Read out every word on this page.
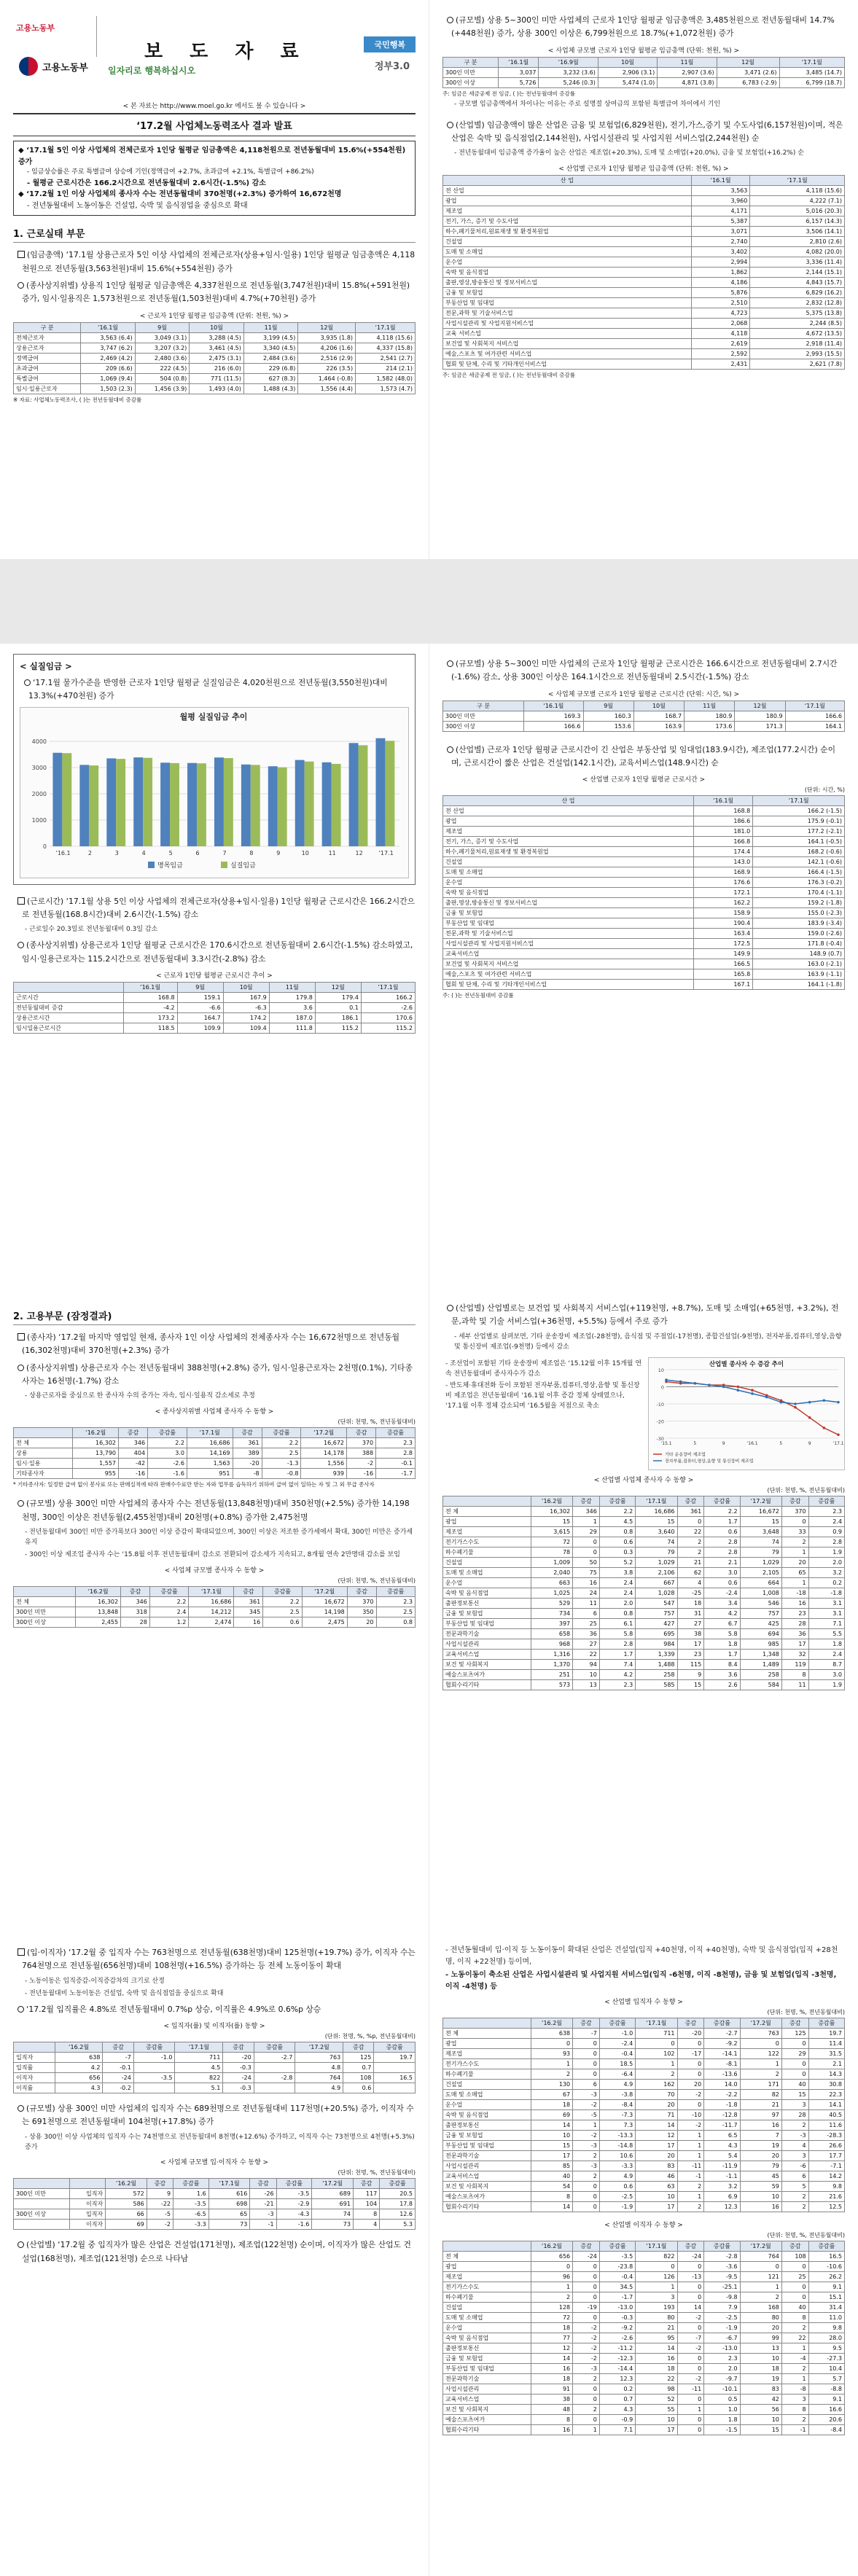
고용노동부
고용노동부
보 도 자 료	국민행복
일자리로 행복하십시오	정부3.0
< 본 자료는 http://www.moel.go.kr 에서도 볼 수 있습니다 >
‘17.2월 사업체노동력조사 결과 발표
◆ ‘17.1월 5인 이상 사업체의 전체근로자 1인당 월평균 임금총액은 4,118천원으로 전년동월대비 15.6%(+554천원) 증가
- 임금상승률은 주로 특별급여 상승에 기인(정액급여 +2.7%, 초과급여 +2.1%, 특별급여 +86.2%)
- 월평균 근로시간은 166.2시간으로 전년동월대비 2.6시간(-1.5%) 감소
◆ ‘17.2월 1인 이상 사업체의 종사자 수는 전년동월대비 370천명(+2.3%) 증가하여 16,672천명
- 전년동월대비 노동이동은 건설업, 숙박 및 음식점업을 중심으로 확대
1. 근로실태 부문
(임금총액) ‘17.1월 상용근로자 5인 이상 사업체의 전체근로자(상용+임시·일용) 1인당 월평균 임금총액은 4,118천원으로 전년동월(3,563천원)대비 15.6%(+554천원) 증가
(종사상지위별) 상용직 1인당 월평균 임금총액은 4,337천원으로 전년동월(3,747천원)대비 15.8%(+591천원) 증가, 임시·일용직은 1,573천원으로 전년동월(1,503천원)대비 4.7%(+70천원) 증가
< 근로자 1인당 월평균 임금총액 (단위: 천원, %) >
구 분	‘16.1월	9월	10월	11월	12월	‘17.1월
전체근로자	3,563 (6.4)	3,049 (3.1)	3,288 (4.5)	3,199 (4.5)	3,935 (1.8)	4,118 (15.6)
상용근로자	3,747 (6.2)	3,207 (3.2)	3,461 (4.5)	3,340 (4.5)	4,206 (1.6)	4,337 (15.8)
정액급여	2,469 (4.2)	2,480 (3.6)	2,475 (3.1)	2,484 (3.6)	2,516 (2.9)	2,541 (2.7)
초과급여	209 (6.6)	222 (4.5)	216 (6.0)	229 (6.8)	226 (3.5)	214 (2.1)
특별급여	1,069 (9.4)	504 (0.8)	771 (11.5)	627 (8.3)	1,464 (-0.8)	1,582 (48.0)
임시·일용근로자	1,503 (2.3)	1,456 (3.9)	1,493 (4.0)	1,488 (4.3)	1,556 (4.4)	1,573 (4.7)
※ 자료: 사업체노동력조사, ( )는 전년동월대비 증감률
(규모별) 상용 5~300인 미만 사업체의 근로자 1인당 월평균 임금총액은 3,485천원으로 전년동월대비 14.7%(+448천원) 증가, 상용 300인 이상은 6,799천원으로 18.7%(+1,072천원) 증가
< 사업체 규모별 근로자 1인당 월평균 임금총액 (단위: 천원, %) >
구 분	‘16.1월	‘16.9월	10월	11월	12월	‘17.1월
300인 미만	3,037	3,232 (3.6)	2,906 (3.1)	2,907 (3.6)	3,471 (2.6)	3,485 (14.7)
300인 이상	5,726	5,246 (0.3)	5,474 (1.0)	4,871 (3.8)	6,783 (-2.9)	6,799 (18.7)
주: 임금은 세금공제 전 임금, ( )는 전년동월대비 증감률
- 규모별 임금총액에서 차이나는 이유는 주로 설명절 상여금의 포함된 특별급여 차이에서 기인
(산업별) 임금총액이 많은 산업은 금융 및 보험업(6,829천원), 전기,가스,증기 및 수도사업(6,157천원)이며, 적은 산업은 숙박 및 음식점업(2,144천원), 사업시설관리 및 사업지원 서비스업(2,244천원) 순
- 전년동월대비 임금총액 증가율이 높은 산업은 제조업(+20.3%), 도매 및 소매업(+20.0%), 금융 및 보험업(+16.2%) 순
< 산업별 근로자 1인당 월평균 임금총액 (단위: 천원, %) >
산 업	‘16.1월	‘17.1월
전 산업	3,563	4,118 (15.6)
광업	3,960	4,222 (7.1)
제조업	4,171	5,016 (20.3)
전기, 가스, 증기 및 수도사업	5,387	6,157 (14.3)
하수,폐기물처리,원료재생 및 환경복원업	3,071	3,506 (14.1)
건설업	2,740	2,810 (2.6)
도매 및 소매업	3,402	4,082 (20.0)
운수업	2,994	3,336 (11.4)
숙박 및 음식점업	1,862	2,144 (15.1)
출판,영상,방송통신 및 정보서비스업	4,186	4,843 (15.7)
금융 및 보험업	5,876	6,829 (16.2)
부동산업 및 임대업	2,510	2,832 (12.8)
전문,과학 및 기술서비스업	4,723	5,375 (13.8)
사업시설관리 및 사업지원서비스업	2,068	2,244 (8.5)
교육 서비스업	4,118	4,672 (13.5)
보건업 및 사회복지 서비스업	2,619	2,918 (11.4)
예술,스포츠 및 여가관련 서비스업	2,592	2,993 (15.5)
협회 및 단체, 수리 및 기타개인서비스업	2,431	2,621 (7.8)
주: 임금은 세금공제 전 임금, ( )는 전년동월대비 증감률
< 실질임금 >
‘17.1월 물가수준을 반영한 근로자 1인당 월평균 실질임금은 4,020천원으로 전년동월(3,550천원)대비 13.3%(+470천원) 증가
월평 실질임금 추이
0
1000
2000
3000
4000
‘16.1	2	3	4	5	6	7	8	9	10	11	12	‘17.1
명목임금	실질임금
(근로시간) ‘17.1월 상용 5인 이상 사업체의 전체근로자(상용+임시·일용) 1인당 월평균 근로시간은 166.2시간으로 전년동월(168.8시간)대비 2.6시간(-1.5%) 감소
- 근로일수 20.3일로 전년동월대비 0.3일 감소
(종사상지위별) 상용근로자 1인당 월평균 근로시간은 170.6시간으로 전년동월대비 2.6시간(-1.5%) 감소하였고, 임시·일용근로자는 115.2시간으로 전년동월대비 3.3시간(-2.8%) 감소
< 근로자 1인당 월평균 근로시간 추이 >
	‘16.1월	9월	10월	11월	12월	‘17.1월
근로시간	168.8	159.1	167.9	179.8	179.4	166.2
전년동월대비 증감	-4.2	-6.6	-6.3	3.6	0.1	-2.6
상용근로시간	173.2	164.7	174.2	187.0	186.1	170.6
임시일용근로시간	118.5	109.9	109.4	111.8	115.2	115.2
(규모별) 상용 5~300인 미만 사업체의 근로자 1인당 월평균 근로시간은 166.6시간으로 전년동월대비 2.7시간(-1.6%) 감소, 상용 300인 이상은 164.1시간으로 전년동월대비 2.5시간(-1.5%) 감소
< 사업체 규모별 근로자 1인당 월평균 근로시간 (단위: 시간, %) >
구 분	‘16.1월	9월	10월	11월	12월	‘17.1월
300인 미만	169.3	160.3	168.7	180.9	180.9	166.6
300인 이상	166.6	153.6	163.9	173.6	171.3	164.1
(산업별) 근로자 1인당 월평균 근로시간이 긴 산업은 부동산업 및 임대업(183.9시간), 제조업(177.2시간) 순이며, 근로시간이 짧은 산업은 건설업(142.1시간), 교육서비스업(148.9시간) 순
< 산업별 근로자 1인당 월평균 근로시간 >
(단위: 시간, %)
산 업	‘16.1월	‘17.1월
전 산업	168.8	166.2 (-1.5)
광업	186.6	175.9 (-0.1)
제조업	181.0	177.2 (-2.1)
전기, 가스, 증기 및 수도사업	166.8	164.1 (-0.5)
하수,폐기물처리,원료재생 및 환경복원업	174.4	168.2 (-0.6)
건설업	143.0	142.1 (-0.6)
도매 및 소매업	168.9	166.4 (-1.5)
운수업	176.6	176.3 (-0.2)
숙박 및 음식점업	172.1	170.4 (-1.1)
출판,영상,방송통신 및 정보서비스업	162.2	159.2 (-1.8)
금융 및 보험업	158.9	155.0 (-2.3)
부동산업 및 임대업	190.4	183.9 (-3.4)
전문,과학 및 기술서비스업	163.4	159.0 (-2.6)
사업시설관리 및 사업지원서비스업	172.5	171.8 (-0.4)
교육서비스업	149.9	148.9 (0.7)
보건업 및 사회복지 서비스업	166.5	163.0 (-2.1)
예술,스포츠 및 여가관련 서비스업	165.8	163.9 (-1.1)
협회 및 단체, 수리 및 기타개인서비스업	167.1	164.1 (-1.8)
주: ( )는 전년동월대비 증감률
2. 고용부문 (잠정결과)
(종사자) ‘17.2월 마지막 영업일 현재, 종사자 1인 이상 사업체의 전체종사자 수는 16,672천명으로 전년동월(16,302천명)대비 370천명(+2.3%) 증가
(종사상지위별) 상용근로자 수는 전년동월대비 388천명(+2.8%) 증가, 임시·일용근로자는 2천명(0.1%), 기타종사자는 16천명(-1.7%) 감소
- 상용근로자를 중심으로 한 종사자 수의 증가는 자속, 임시·일용직 감소세로 추정
< 종사상지위별 사업체 종사자 수 동향 >
(단위: 천명, %, 전년동월대비)
	‘16.2월	증감	증감률	‘17.1월	증감	증감률	‘17.2월	증감	증감률
전 체	16,302	346	2.2	16,686	361	2.2	16,672	370	2.3
상용	13,790	404	3.0	14,169	389	2.5	14,178	388	2.8
임시·일용	1,557	-42	-2.6	1,563	-20	-1.3	1,556	-2	-0.1
기타종사자	955	-16	-1.6	951	-8	-0.8	939	-16	-1.7
* 기타종사자: 일정한 급여 없이 봉사료 또는 판매실적에 따라 판매수수료만 받는 자와 업무를 습득하기 위하여 급여 없이 일하는 자 및 그 외 무급 종사자
(규모별) 상용 300인 미만 사업체의 종사자 수는 전년동월(13,848천명)대비 350천명(+2.5%) 증가한 14,198천명, 300인 이상은 전년동월(2,455천명)대비 20천명(+0.8%) 증가한 2,475천명
- 전년동월대비 300인 미만 증가폭보다 300인 이상 증감이 확대되었으며, 300인 이상은 저조한 증가세에서 확대, 300인 미만은 증가세 유지
- 300인 이상 제조업 종사자 수는 ‘15.8월 이후 전년동월대비 감소로 전환되어 감소세가 지속되고, 8개월 연속 2만명대 감소를 보임
< 사업체 규모별 종사자 수 동향 >
(단위: 천명, %, 전년동월대비)
	‘16.2월	증감	증감률	‘17.1월	증감	증감률	‘17.2월	증감	증감률
전 체	16,302	346	2.2	16,686	361	2.2	16,672	370	2.3
300인 미만	13,848	318	2.4	14,212	345	2.5	14,198	350	2.5
300인 이상	2,455	28	1.2	2,474	16	0.6	2,475	20	0.8
(산업별) 산업별로는 보건업 및 사회복지 서비스업(+119천명, +8.7%), 도매 및 소매업(+65천명, +3.2%), 전문,과학 및 기술 서비스업(+36천명, +5.5%) 등에서 주로 증가
- 세부 산업별로 살펴보면, 기타 운송장비 제조업(-28천명), 음식점 및 주점업(-17천명), 종합건설업(-9천명), 전자부품,컴퓨터,영상,음향 및 통신장비 제조업(-9천명) 등에서 감소
- 조선업이 포함된 기타 운송장비 제조업은 ‘15.12월 이후 15개월 연속 전년동월대비 종사자수가 감소
- 반도체·휴대전화 등이 포함된 전자부품,컴퓨터,영상,음향 및 통신장비 제조업은 전년동월대비 ‘16.1월 이후 증감 정체 상태였으나, ‘17.1월 이후 정체 감소되며 ‘16.5월을 저점으로 축소
산업별 종사자 수 증감 추이
-30
-20
-10
0
10
‘15.1	5	9	‘16.1	5	9	‘17.1
기타 운송장비 제조업
전자부품,컴퓨터,영상,음향 및 통신장비 제조업
< 산업별 사업체 종사자 수 동향 >
(단위: 천명, %, 전년동월대비)
	‘16.2월	증감	증감률	‘17.1월	증감	증감률	‘17.2월	증감	증감률
전 체	16,302	346	2.2	16,686	361	2.2	16,672	370	2.3
광업	15	1	4.5	15	0	1.7	15	0	2.4
제조업	3,615	29	0.8	3,640	22	0.6	3,648	33	0.9
전기가스수도	72	0	0.6	74	2	2.8	74	2	2.8
하수폐기물	78	0	0.3	79	2	2.8	79	1	1.9
건설업	1,009	50	5.2	1,029	21	2.1	1,029	20	2.0
도매 및 소매업	2,040	75	3.8	2,106	62	3.0	2,105	65	3.2
운수업	663	16	2.4	667	4	0.6	664	1	0.2
숙박 및 음식점업	1,025	24	2.4	1,028	-25	-2.4	1,008	-18	-1.8
출판정보통신	529	11	2.0	547	18	3.4	546	16	3.1
금융 및 보험업	734	6	0.8	757	31	4.2	757	23	3.1
부동산업 및 임대업	397	25	6.1	427	27	6.7	425	28	7.1
전문과학기술	658	36	5.8	695	38	5.8	694	36	5.5
사업시설관리	968	27	2.8	984	17	1.8	985	17	1.8
교육서비스업	1,316	22	1.7	1,339	23	1.7	1,348	32	2.4
보건 및 사회복지	1,370	94	7.4	1,488	115	8.4	1,489	119	8.7
예술스포츠여가	251	10	4.2	258	9	3.6	258	8	3.0
협회수리기타	573	13	2.3	585	15	2.6	584	11	1.9
(입·이직자) ‘17.2월 중 입직자 수는 763천명으로 전년동월(638천명)대비 125천명(+19.7%) 증가, 이직자 수는 764천명으로 전년동월(656천명)대비 108천명(+16.5%) 증가하는 등 전체 노동이동이 확대
- 노동이동은 입직증감-이직증감차의 크기로 산정
- 전년동월대비 노동이동은 건설업, 숙박 및 음식점업을 중심으로 확대
‘17.2월 입직률은 4.8%로 전년동월대비 0.7%p 상승, 이직률은 4.9%로 0.6%p 상승
< 입직자(률) 및 이직자(률) 동향 >
(단위: 천명, %, %p, 전년동월대비)
	‘16.2월	증감	증감률	‘17.1월	증감	증감률	‘17.2월	증감	증감률
입직자	638	-7	-1.0	711	-20	-2.7	763	125	19.7
입직률	4.2	-0.1		4.5	-0.3		4.8	0.7	
이직자	656	-24	-3.5	822	-24	-2.8	764	108	16.5
이직률	4.3	-0.2		5.1	-0.3		4.9	0.6	
(규모별) 상용 300인 미만 사업체의 입직자 수는 689천명으로 전년동월대비 117천명(+20.5%) 증가, 이직자 수는 691천명으로 전년동월대비 104천명(+17.8%) 증가
- 상용 300인 이상 사업체의 입직자 수는 74천명으로 전년동월대비 8천명(+12.6%) 증가하고, 이직자 수는 73천명으로 4천명(+5.3%) 증가
< 사업체 규모별 입·이직자 수 동향 >
(단위: 천명, %, 전년동월대비)
		‘16.2월	증감	증감률	‘17.1월	증감	증감률	‘17.2월	증감	증감률
300인 미만	입직자	572	9	1.6	616	-26	-3.5	689	117	20.5
	이직자	586	-22	-3.5	698	-21	-2.9	691	104	17.8
300인 이상	입직자	66	-5	-6.5	65	-3	-4.3	74	8	12.6
	이직자	69	-2	-3.3	73	-1	-1.6	73	4	5.3
(산업별) ‘17.2월 중 입직자가 많은 산업은 건설업(171천명), 제조업(122천명) 순이며, 이직자가 많은 산업도 건설업(168천명), 제조업(121천명) 순으로 나타남
- 전년동월대비 입·이직 등 노동이동이 확대된 산업은 건설업(입직 +40천명, 이직 +40천명), 숙박 및 음식점업(입직 +28천명, 이직 +22천명) 등이며,
- 노동이동이 축소된 산업은 사업시설관리 및 사업지원 서비스업(입직 -6천명, 이직 -8천명), 금융 및 보험업(입직 -3천명, 이직 -4천명) 등
< 산업별 입직자 수 동향 >
(단위: 천명, %, 전년동월대비)
	‘16.2월	증감	증감률	‘17.1월	증감	증감률	‘17.2월	증감	증감률
전 체	638	-7	-1.0	711	-20	-2.7	763	125	19.7
광업	0	0	-2.4	0	0	-9.2	0	0	11.4
제조업	93	0	-0.4	102	-17	-14.1	122	29	31.5
전기가스수도	1	0	18.5	1	0	-8.1	1	0	2.1
하수폐기물	2	0	-6.4	2	0	-13.6	2	0	14.3
건설업	130	6	4.9	162	20	14.0	171	40	30.8
도매 및 소매업	67	-3	-3.8	70	-2	-2.2	82	15	22.3
운수업	18	-2	-8.4	20	0	-1.8	21	3	14.1
숙박 및 음식점업	69	-5	-7.3	71	-10	-12.8	97	28	40.5
출판정보통신	14	1	7.3	14	-2	-11.7	16	2	11.6
금융 및 보험업	10	-2	-13.3	12	1	6.5	7	-3	-28.3
부동산업 및 임대업	15	-3	-14.8	17	1	4.3	19	4	26.6
전문과학기술	17	2	10.6	20	1	5.4	20	3	17.7
사업시설관리	85	-3	-3.3	83	-11	-11.9	79	-6	-7.1
교육서비스업	40	2	4.9	46	-1	-1.1	45	6	14.2
보건 및 사회복지	54	0	0.6	63	2	3.2	59	5	9.8
예술스포츠여가	8	0	-2.5	10	1	6.9	10	2	21.6
협회수리기타	14	0	-1.9	17	2	12.3	16	2	12.5
< 산업별 이직자 수 동향 >
(단위: 천명, %, 전년동월대비)
	‘16.2월	증감	증감률	‘17.1월	증감	증감률	‘17.2월	증감	증감률
전 체	656	-24	-3.5	822	-24	-2.8	764	108	16.5
광업	0	0	-23.8	0	0	-3.6	0	0	-10.6
제조업	96	0	-0.4	126	-13	-9.5	121	25	26.2
전기가스수도	1	0	34.5	1	0	-25.1	1	0	9.1
하수폐기물	2	0	-1.7	3	0	-9.8	2	0	15.1
건설업	128	-19	-13.0	193	14	7.9	168	40	31.4
도매 및 소매업	72	0	-0.3	80	-2	-2.5	80	8	11.0
운수업	18	-2	-9.2	21	0	-1.9	20	2	9.8
숙박 및 음식점업	77	-2	-2.6	95	-7	-6.7	99	22	28.0
출판정보통신	12	-2	-11.2	14	-2	-13.0	13	1	9.5
금융 및 보험업	14	-2	-12.3	16	0	2.3	10	-4	-27.3
부동산업 및 임대업	16	-3	-14.4	18	0	2.0	18	2	10.4
전문과학기술	18	2	12.3	22	-2	-9.7	19	1	5.7
사업시설관리	91	0	0.2	98	-11	-10.1	83	-8	-8.8
교육서비스업	38	0	0.7	52	0	0.5	42	3	9.1
보건 및 사회복지	48	2	4.3	55	1	1.0	56	8	16.6
예술스포츠여가	8	0	-0.9	10	0	1.8	10	2	20.6
협회수리기타	16	1	7.1	17	0	-1.5	15	-1	-8.4
